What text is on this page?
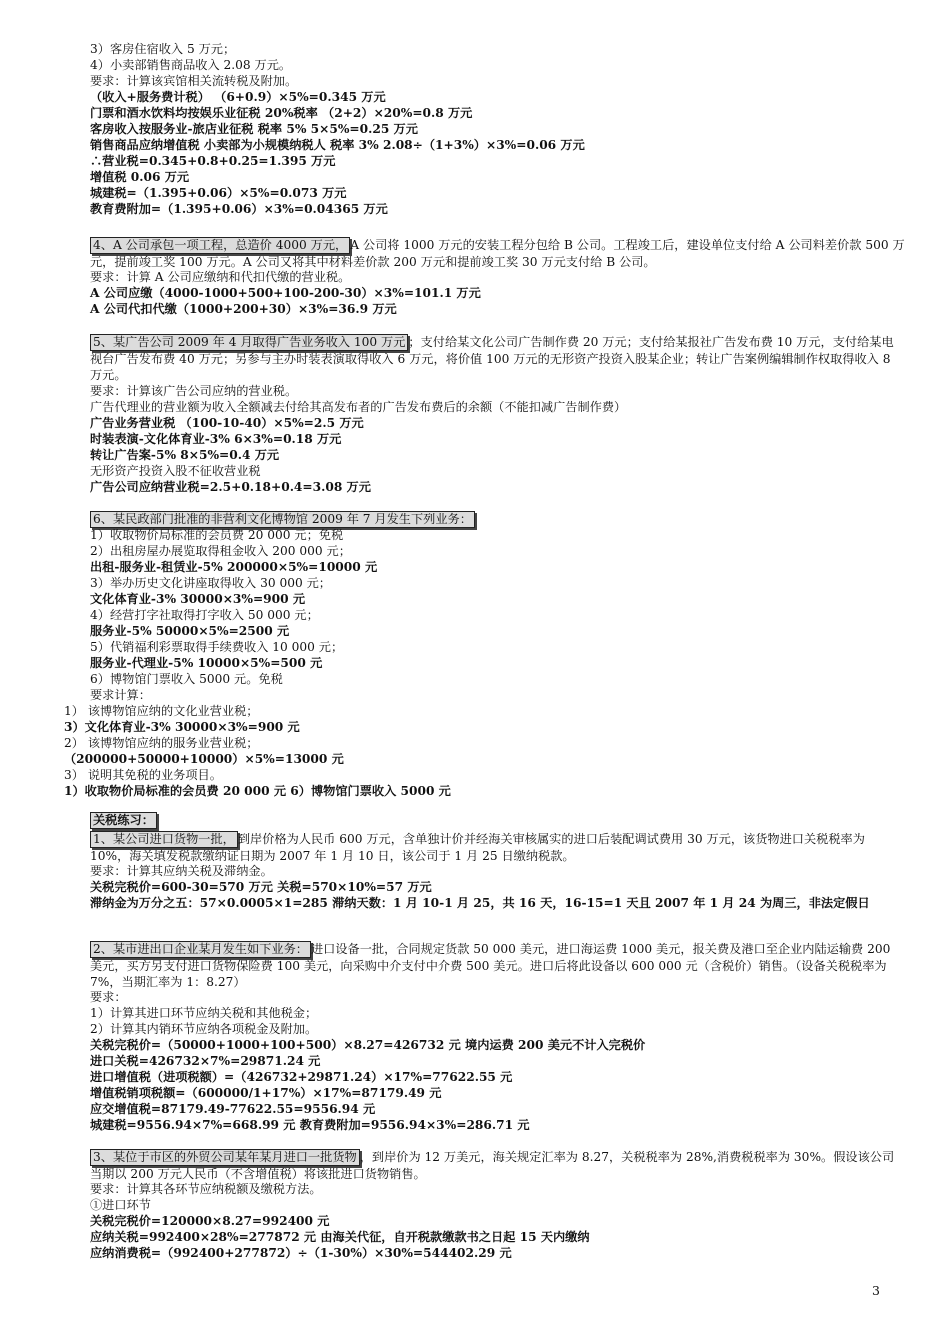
3）客房住宿收入 5 万元；

4）小卖部销售商品收入 2.08 万元。

要求：计算该宾馆相关流转税及附加。

（收入+服务费计税） （6+0.9）×5%=0.345 万元

门票和酒水饮料均按娱乐业征税 20%税率 （2+2）×20%=0.8 万元

客房收入按服务业-旅店业征税 税率 5% 5×5%=0.25 万元

销售商品应纳增值税 小卖部为小规模纳税人 税率 3% 2.08÷（1+3%）×3%=0.06 万元

∴营业税=0.345+0.8+0.25=1.395 万元

增值税 0.06 万元

城建税=（1.395+0.06）×5%=0.073 万元

教育费附加=（1.395+0.06）×3%=0.04365 万元

4、A 公司承包一项工程，总造价 4000 万元， A 公司将 1000 万元的安装工程分包给 B 公司。工程竣工后，建设单位支付给 A 公司料差价款 500 万元，提前竣工奖 100 万元。A 公司又将其中材料差价款 200 万元和提前竣工奖 30 万元支付给 B 公司。

要求：计算 A 公司应缴纳和代扣代缴的营业税。

A 公司应缴（4000-1000+500+100-200-30）×3%=101.1 万元

A 公司代扣代缴（1000+200+30）×3%=36.9 万元

5、某广告公司 2009 年 4 月取得广告业务收入 100 万元 ；支付给某文化公司广告制作费 20 万元；支付给某报社广告发布费 10 万元，支付给某电视台广告发布费 40 万元；另参与主办时装表演取得收入 6 万元，将价值 100 万元的无形资产投资入股某企业；转让广告案例编辑制作权取得收入 8 万元。

要求：计算该广告公司应纳的营业税。

广告代理业的营业额为收入全额减去付给其高发布者的广告发布费后的余额（不能扣减广告制作费）

广告业务营业税 （100-10-40）×5%=2.5 万元

时装表演-文化体育业-3% 6×3%=0.18 万元

转让广告案-5% 8×5%=0.4 万元

无形资产投资入股不征收营业税

广告公司应纳营业税=2.5+0.18+0.4=3.08 万元

6、某民政部门批准的非营利文化博物馆 2009 年 7 月发生下列业务：

1）收取物价局标准的会员费 20 000 元；免税

2）出租房屋办展览取得租金收入 200 000 元；

出租-服务业-租赁业-5% 200000×5%=10000 元

3）举办历史文化讲座取得收入 30 000 元；

文化体育业-3% 30000×3%=900 元

4）经营打字社取得打字收入 50 000 元；

服务业-5% 50000×5%=2500 元

5）代销福利彩票取得手续费收入 10 000 元；

服务业-代理业-5% 10000×5%=500 元

6）博物馆门票收入 5000 元。免税

要求计算：

1） 该博物馆应纳的文化业营业税；

3）文化体育业-3% 30000×3%=900 元

2） 该博物馆应纳的服务业营业税；

（200000+50000+10000）×5%=13000 元

3） 说明其免税的业务项目。

1）收取物价局标准的会员费 20 000 元 6）博物馆门票收入 5000 元

关税练习：

1、某公司进口货物一批， 到岸价格为人民币 600 万元，含单独计价并经海关审核属实的进口后装配调试费用 30 万元，该货物进口关税税率为 10%，海关填发税款缴纳证日期为 2007 年 1 月 10 日，该公司于 1 月 25 日缴纳税款。

要求：计算其应纳关税及滞纳金。

关税完税价=600-30=570 万元 关税=570×10%=57 万元

滞纳金为万分之五：57×0.0005×1=285 滞纳天数：1 月 10-1 月 25，共 16 天，16-15=1 天且 2007 年 1 月 24 为周三，非法定假日

2、某市进出口企业某月发生如下业务： 进口设备一批，合同规定货款 50 000 美元，进口海运费 1000 美元，报关费及港口至企业内陆运输费 200 美元，买方另支付进口货物保险费 100 美元，向采购中介支付中介费 500 美元。进口后将此设备以 600 000 元（含税价）销售。（设备关税税率为 7%，当期汇率为 1：8.27）

要求：

1）计算其进口环节应纳关税和其他税金；

2）计算其内销环节应纳各项税金及附加。

关税完税价=（50000+1000+100+500）×8.27=426732 元 境内运费 200 美元不计入完税价

进口关税=426732×7%=29871.24 元

进口增值税（进项税额）=（426732+29871.24）×17%=77622.55 元

增值税销项税额=（600000/1+17%）×17%=87179.49 元

应交增值税=87179.49-77622.55=9556.94 元

城建税=9556.94×7%=668.99 元 教育费附加=9556.94×3%=286.71 元

3、某位于市区的外贸公司某年某月进口一批货物 ，到岸价为 12 万美元，海关规定汇率为 8.27，关税税率为 28%,消费税税率为 30%。假设该公司当期以 200 万元人民币（不含增值税）将该批进口货物销售。

要求：计算其各环节应纳税额及缴税方法。

①进口环节

关税完税价=120000×8.27=992400 元

应纳关税=992400×28%=277872 元 由海关代征，自开税款缴款书之日起 15 天内缴纳

应纳消费税=（992400+277872）÷（1-30%）×30%=544402.29 元

3
